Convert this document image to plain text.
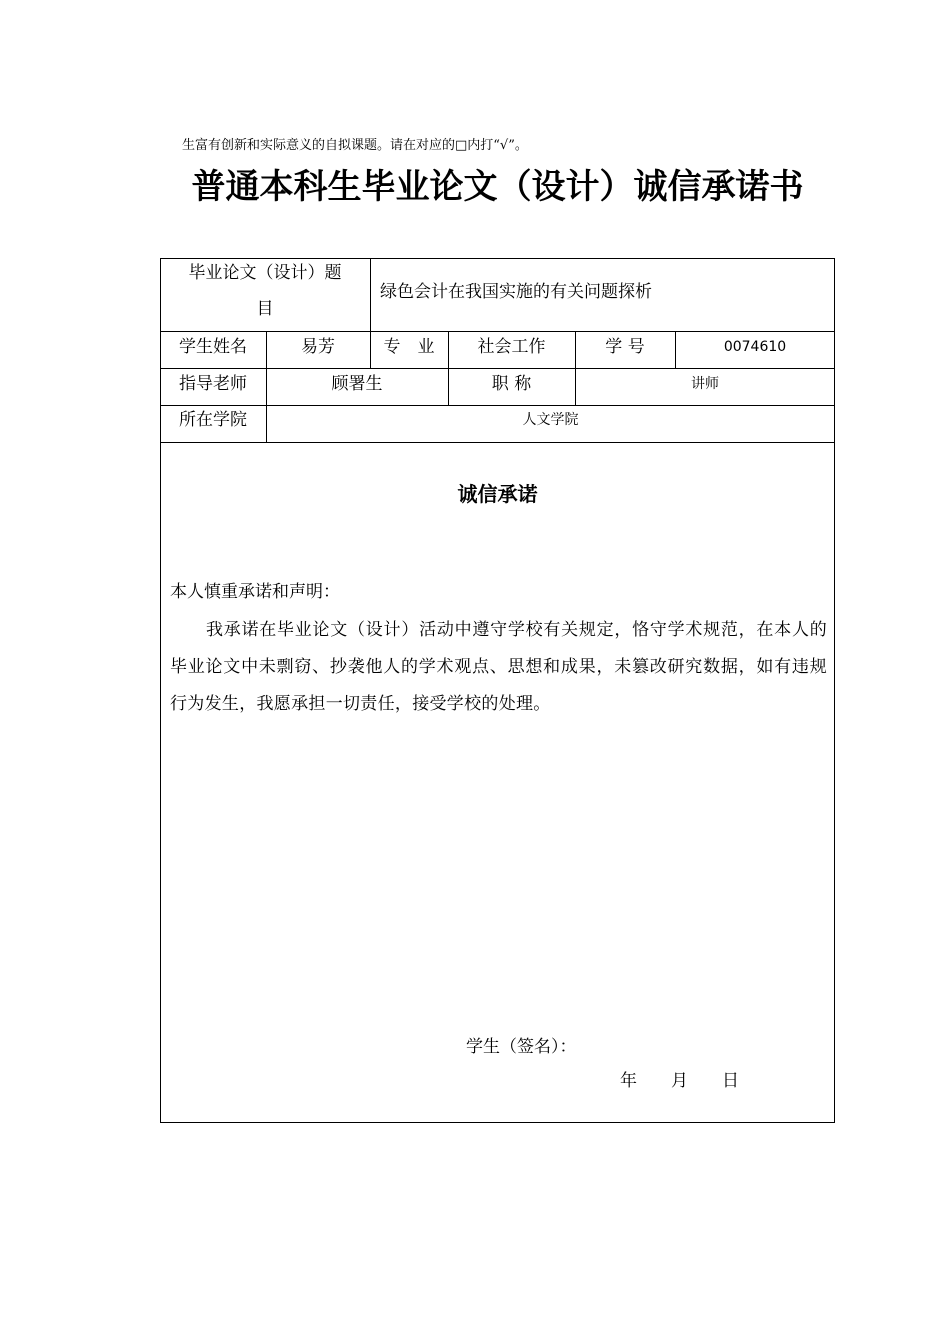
生富有创新和实际意义的自拟课题。请在对应的□内打“√”。
普通本科生毕业论文（设计）诚信承诺书
毕业论文（设计）题
目
绿色会计在我国实施的有关问题探析
学生姓名	易芳	专　业	社会工作	学 号	0074610
指导老师	顾署生	职 称	讲师
所在学院	人文学院
诚信承诺
本人慎重承诺和声明：
我承诺在毕业论文（设计）活动中遵守学校有关规定，恪守学术规范，在本人的毕业论文中未剽窃、抄袭他人的学术观点、思想和成果，未篡改研究数据，如有违规行为发生，我愿承担一切责任，接受学校的处理。
学生（签名）：
年　　月　　日
